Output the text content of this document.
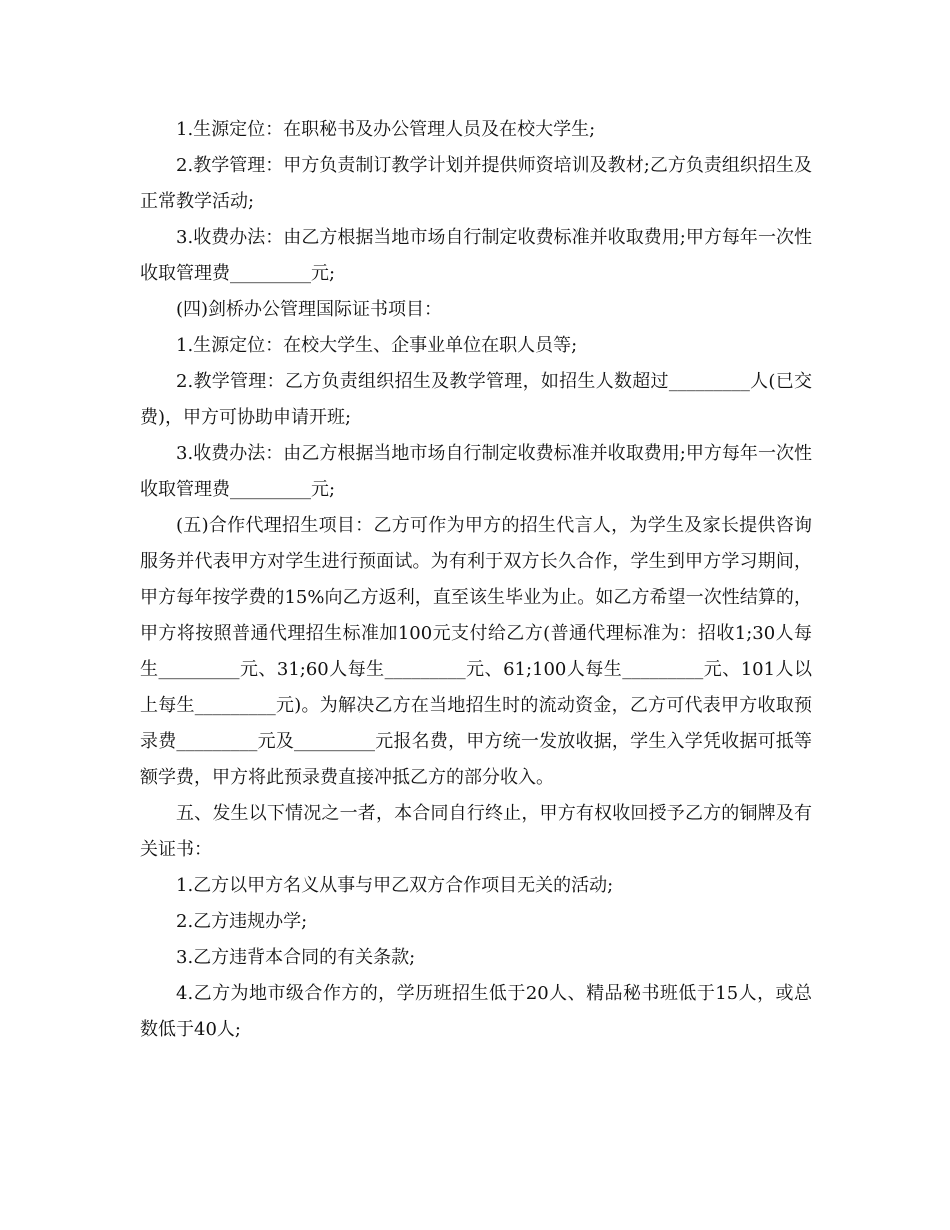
1.生源定位：在职秘书及办公管理人员及在校大学生;

2.教学管理：甲方负责制订教学计划并提供师资培训及教材;乙方负责组织招生及正常教学活动;

3.收费办法：由乙方根据当地市场自行制定收费标准并收取费用;甲方每年一次性收取管理费_________元;

(四)剑桥办公管理国际证书项目：

1.生源定位：在校大学生、企事业单位在职人员等;

2.教学管理：乙方负责组织招生及教学管理，如招生人数超过_________人(已交费)，甲方可协助申请开班;

3.收费办法：由乙方根据当地市场自行制定收费标准并收取费用;甲方每年一次性收取管理费_________元;

(五)合作代理招生项目：乙方可作为甲方的招生代言人，为学生及家长提供咨询服务并代表甲方对学生进行预面试。为有利于双方长久合作，学生到甲方学习期间，甲方每年按学费的15%向乙方返利，直至该生毕业为止。如乙方希望一次性结算的，甲方将按照普通代理招生标准加100元支付给乙方(普通代理标准为：招收1;30人每生_________元、31;60人每生_________元、61;100人每生_________元、101人以上每生_________元)。为解决乙方在当地招生时的流动资金，乙方可代表甲方收取预录费_________元及_________元报名费，甲方统一发放收据，学生入学凭收据可抵等额学费，甲方将此预录费直接冲抵乙方的部分收入。

五、发生以下情况之一者，本合同自行终止，甲方有权收回授予乙方的铜牌及有关证书：

1.乙方以甲方名义从事与甲乙双方合作项目无关的活动;

2.乙方违规办学;

3.乙方违背本合同的有关条款;

4.乙方为地市级合作方的，学历班招生低于20人、精品秘书班低于15人，或总数低于40人;
